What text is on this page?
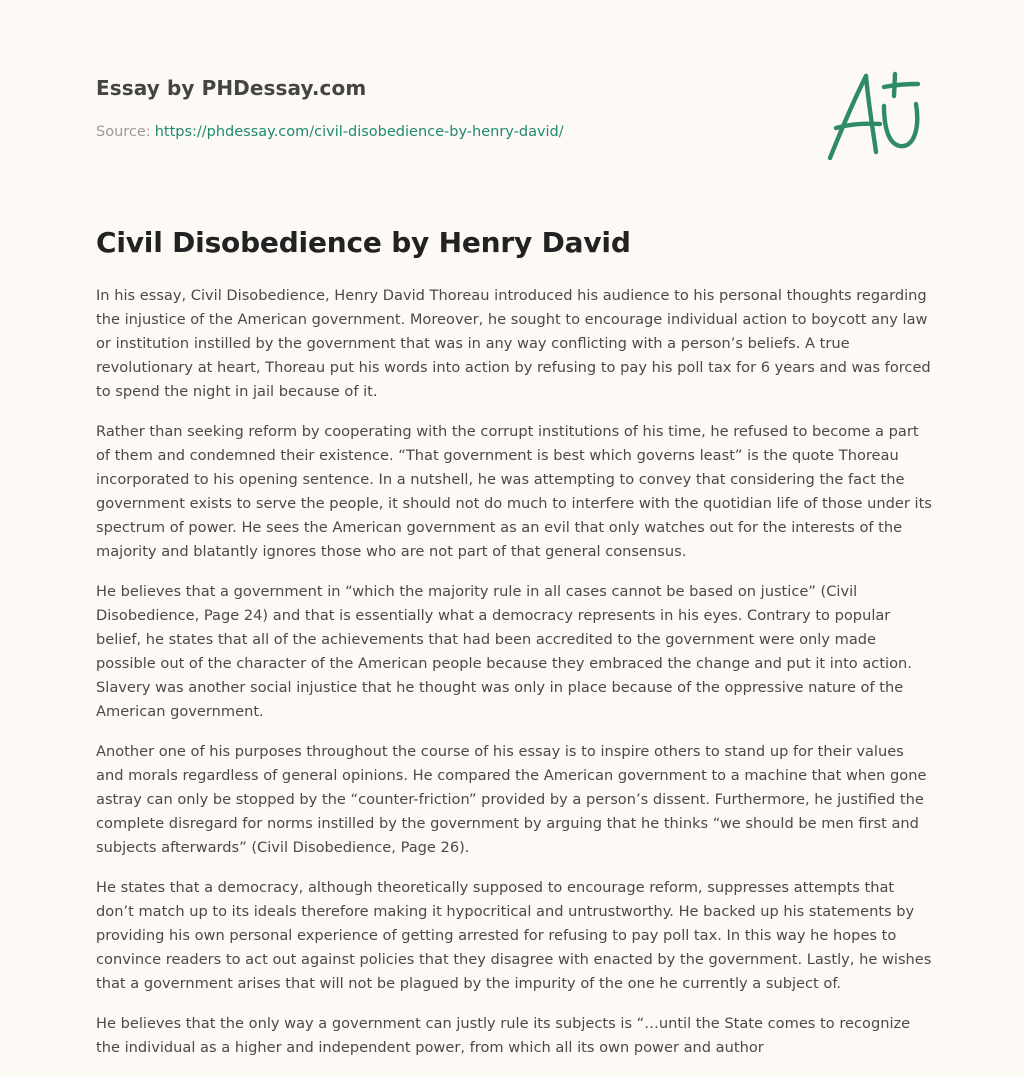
Essay by PHDessay.com
Source: https://phdessay.com/civil-disobedience-by-henry-david/
Civil Disobedience by Henry David

In his essay, Civil Disobedience, Henry David Thoreau introduced his audience to his personal thoughts regarding the injustice of the American government. Moreover, he sought to encourage individual action to boycott any law or institution instilled by the government that was in any way conflicting with a person’s beliefs. A true revolutionary at heart, Thoreau put his words into action by refusing to pay his poll tax for 6 years and was forced to spend the night in jail because of it.

Rather than seeking reform by cooperating with the corrupt institutions of his time, he refused to become a part of them and condemned their existence. “That government is best which governs least” is the quote Thoreau incorporated to his opening sentence. In a nutshell, he was attempting to convey that considering the fact the government exists to serve the people, it should not do much to interfere with the quotidian life of those under its spectrum of power. He sees the American government as an evil that only watches out for the interests of the majority and blatantly ignores those who are not part of that general consensus.

He believes that a government in “which the majority rule in all cases cannot be based on justice” (Civil Disobedience, Page 24) and that is essentially what a democracy represents in his eyes. Contrary to popular belief, he states that all of the achievements that had been accredited to the government were only made possible out of the character of the American people because they embraced the change and put it into action. Slavery was another social injustice that he thought was only in place because of the oppressive nature of the American government.

Another one of his purposes throughout the course of his essay is to inspire others to stand up for their values and morals regardless of general opinions. He compared the American government to a machine that when gone astray can only be stopped by the “counter-friction” provided by a person’s dissent. Furthermore, he justified the complete disregard for norms instilled by the government by arguing that he thinks “we should be men first and subjects afterwards” (Civil Disobedience, Page 26).

He states that a democracy, although theoretically supposed to encourage reform, suppresses attempts that don’t match up to its ideals therefore making it hypocritical and untrustworthy. He backed up his statements by providing his own personal experience of getting arrested for refusing to pay poll tax. In this way he hopes to convince readers to act out against policies that they disagree with enacted by the government. Lastly, he wishes that a government arises that will not be plagued by the impurity of the one he currently a subject of.

He believes that the only way a government can justly rule its subjects is “…until the State comes to recognize the individual as a higher and independent power, from which all its own power and author
